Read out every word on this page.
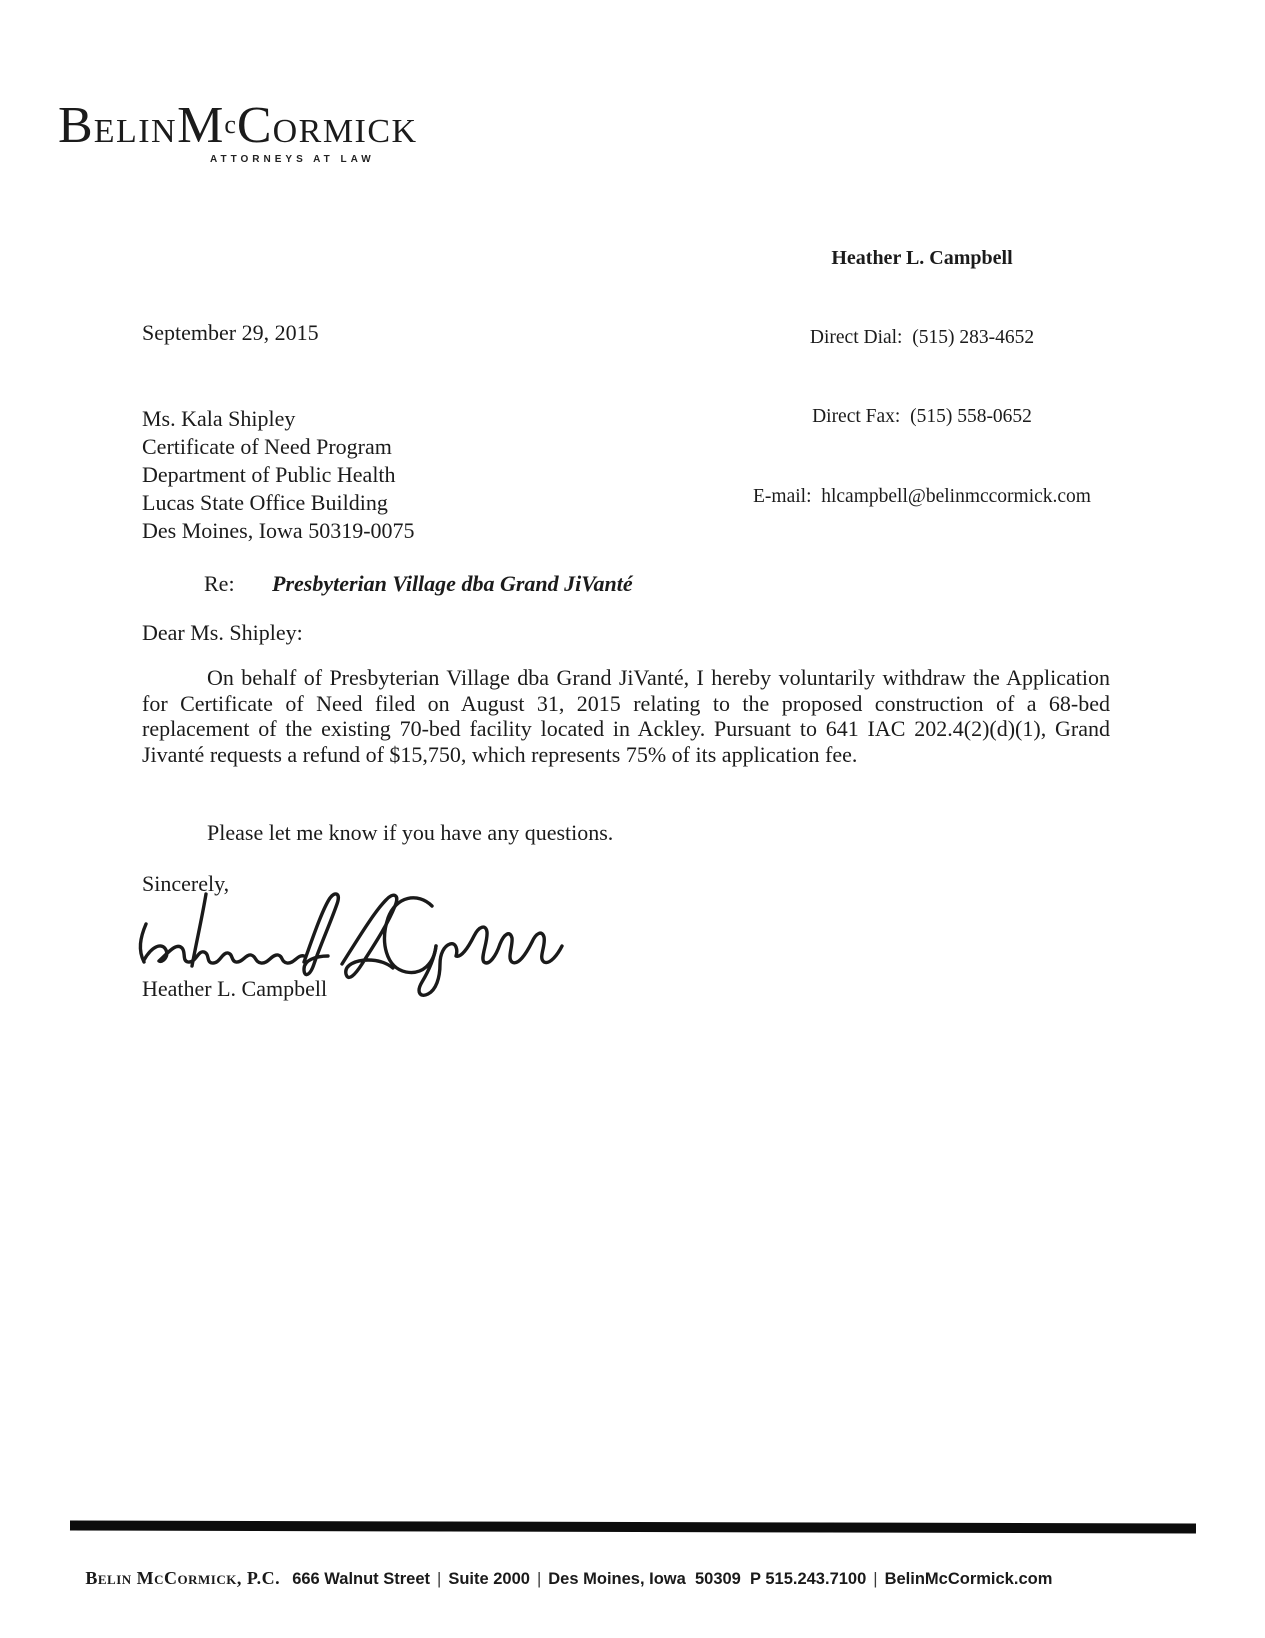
BELINMcCORMICK
ATTORNEYS AT LAW

Heather L. Campbell

Direct Dial:  (515) 283-4652

Direct Fax:  (515) 558-0652

E-mail:  hlcampbell@belinmccormick.com

September 29, 2015
Ms. Kala Shipley
Certificate of Need Program
Department of Public Health
Lucas State Office Building
Des Moines, Iowa 50319-0075
Re: Presbyterian Village dba Grand JiVanté
Dear Ms. Shipley:
On behalf of Presbyterian Village dba Grand JiVanté, I hereby voluntarily withdraw the Application for Certificate of Need filed on August 31, 2015 relating to the proposed construction of a 68-bed replacement of the existing 70-bed facility located in Ackley. Pursuant to 641 IAC 202.4(2)(d)(1), Grand Jivanté requests a refund of $15,750, which represents 75% of its application fee.
Please let me know if you have any questions.
Sincerely,
Heather L. Campbell

Belin McCormick, P.C. 666 Walnut Street | Suite 2000 | Des Moines, Iowa  50309 P 515.243.7100 | BelinMcCormick.com
